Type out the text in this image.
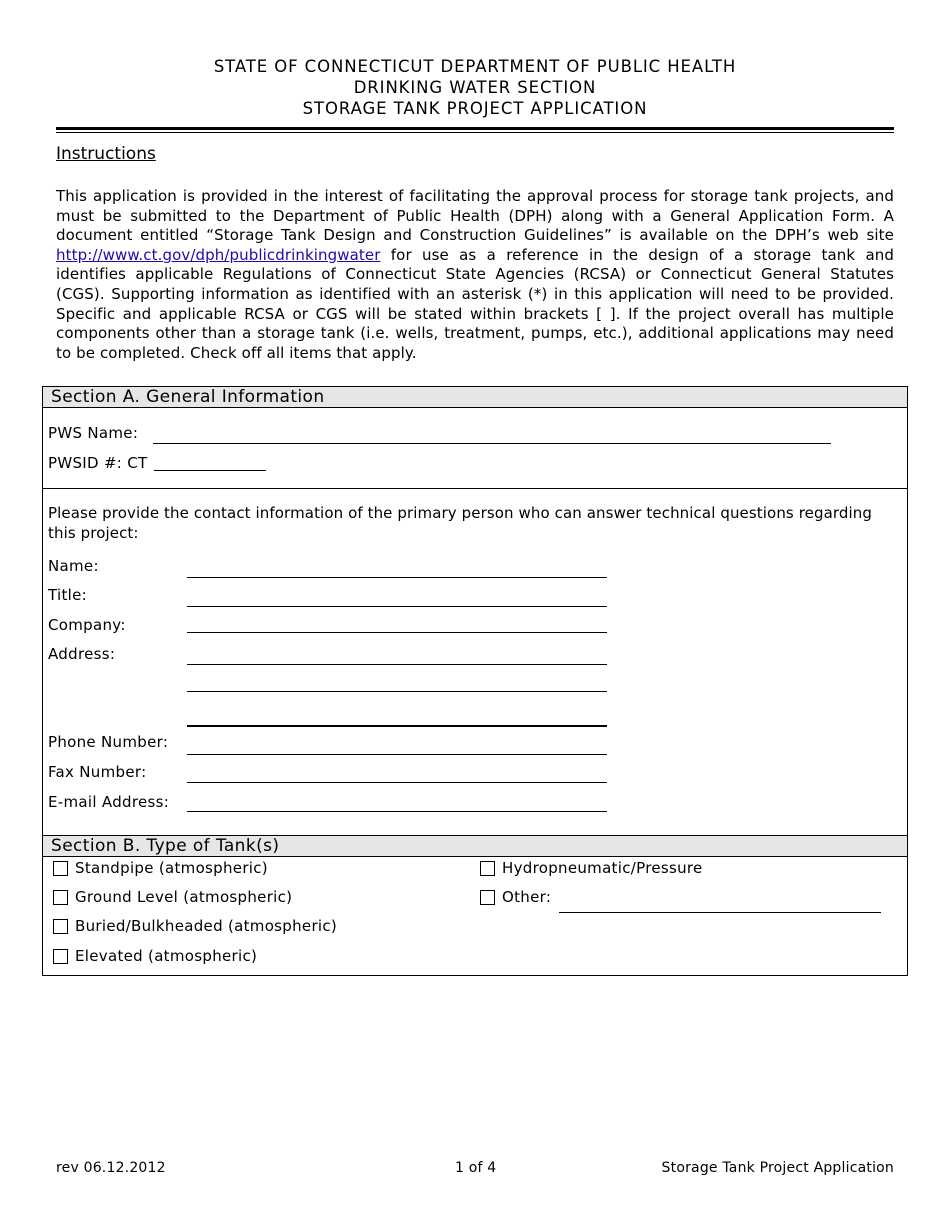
STATE OF CONNECTICUT DEPARTMENT OF PUBLIC HEALTH
DRINKING WATER SECTION
STORAGE TANK PROJECT APPLICATION
Instructions
This application is provided in the interest of facilitating the approval process for storage tank projects, and must be submitted to the Department of Public Health (DPH) along with a General Application Form. A document entitled “Storage Tank Design and Construction Guidelines” is available on the DPH’s web site http://www.ct.gov/dph/publicdrinkingwater for use as a reference in the design of a storage tank and identifies applicable Regulations of Connecticut State Agencies (RCSA) or Connecticut General Statutes (CGS). Supporting information as identified with an asterisk (*) in this application will need to be provided. Specific and applicable RCSA or CGS will be stated within brackets [ ]. If the project overall has multiple components other than a storage tank (i.e. wells, treatment, pumps, etc.), additional applications may need to be completed. Check off all items that apply.
Section A. General Information
PWS Name:
PWSID #: CT
Please provide the contact information of the primary person who can answer technical questions regarding this project:
Name:
Title:
Company:
Address:
Phone Number:
Fax Number:
E-mail Address:
Section B. Type of Tank(s)
Standpipe (atmospheric)
Ground Level (atmospheric)
Buried/Bulkheaded (atmospheric)
Elevated (atmospheric)
Hydropneumatic/Pressure
Other:
rev 06.12.2012	1 of 4	Storage Tank Project Application
